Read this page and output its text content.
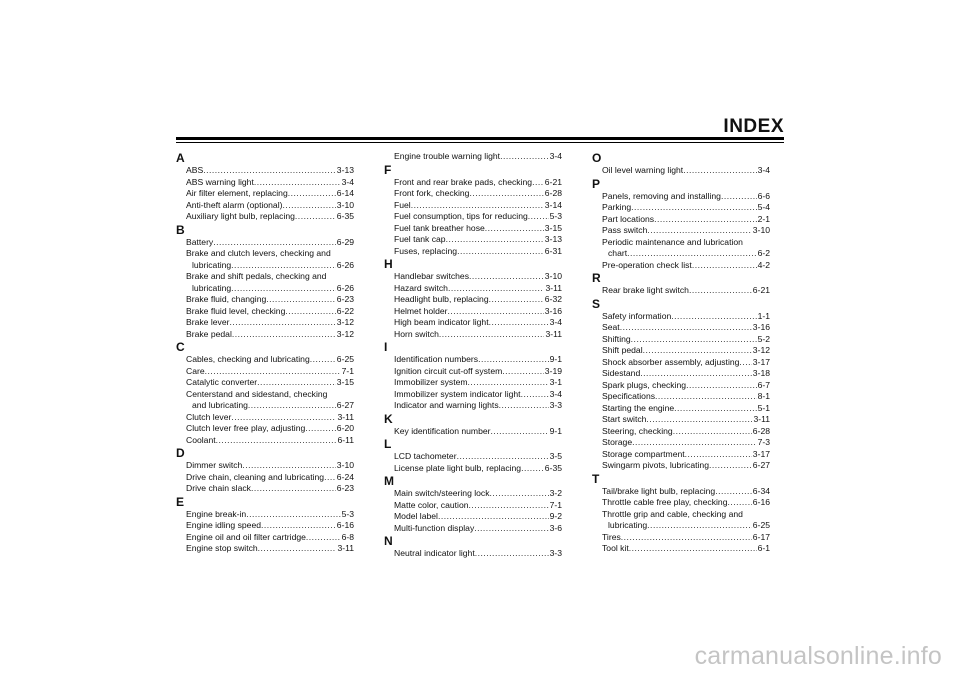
INDEX
A
ABS .....	3-13
ABS warning light .....	3-4
Air filter element, replacing .....	6-14
Anti-theft alarm (optional) .....	3-10
Auxiliary light bulb, replacing .....	6-35
B
Battery .....	6-29
Brake and clutch levers, checking and
lubricating .....	6-26
Brake and shift pedals, checking and
lubricating .....	6-26
Brake fluid, changing .....	6-23
Brake fluid level, checking .....	6-22
Brake lever .....	3-12
Brake pedal .....	3-12
C
Cables, checking and lubricating .....	6-25
Care .....	7-1
Catalytic converter .....	3-15
Centerstand and sidestand, checking
and lubricating .....	6-27
Clutch lever .....	3-11
Clutch lever free play, adjusting .....	6-20
Coolant .....	6-11
D
Dimmer switch .....	3-10
Drive chain, cleaning and lubricating ..... 6-24
Drive chain slack .....	6-23
E
Engine break-in .....	5-3
Engine idling speed .....	6-16
Engine oil and oil filter cartridge .....	6-8
Engine stop switch .....	3-11
Engine trouble warning light .....	3-4
F
Front and rear brake pads, checking ..... 6-21
Front fork, checking .....	6-28
Fuel .....	3-14
Fuel consumption, tips for reducing .....	5-3
Fuel tank breather hose .....	3-15
Fuel tank cap .....	3-13
Fuses, replacing .....	6-31
H
Handlebar switches .....	3-10
Hazard switch .....	3-11
Headlight bulb, replacing .....	6-32
Helmet holder .....	3-16
High beam indicator light .....	3-4
Horn switch .....	3-11
I
Identification numbers .....	9-1
Ignition circuit cut-off system .....	3-19
Immobilizer system .....	3-1
Immobilizer system indicator light .....	3-4
Indicator and warning lights .....	3-3
K
Key identification number .....	9-1
L
LCD tachometer .....	3-5
License plate light bulb, replacing .....	6-35
M
Main switch/steering lock .....	3-2
Matte color, caution .....	7-1
Model label .....	9-2
Multi-function display .....	3-6
N
Neutral indicator light .....	3-3
O
Oil level warning light .....	3-4
P
Panels, removing and installing .....	6-6
Parking .....	5-4
Part locations .....	2-1
Pass switch .....	3-10
Periodic maintenance and lubrication
chart .....	6-2
Pre-operation check list .....	4-2
R
Rear brake light switch .....	6-21
S
Safety information .....	1-1
Seat .....	3-16
Shifting .....	5-2
Shift pedal .....	3-12
Shock absorber assembly, adjusting ..... 3-17
Sidestand .....	3-18
Spark plugs, checking .....	6-7
Specifications .....	8-1
Starting the engine .....	5-1
Start switch .....	3-11
Steering, checking .....	6-28
Storage .....	7-3
Storage compartment .....	3-17
Swingarm pivots, lubricating .....	6-27
T
Tail/brake light bulb, replacing .....	6-34
Throttle cable free play, checking .....	6-16
Throttle grip and cable, checking and
lubricating .....	6-25
Tires .....	6-17
Tool kit .....	6-1
carmanualsonline.info
